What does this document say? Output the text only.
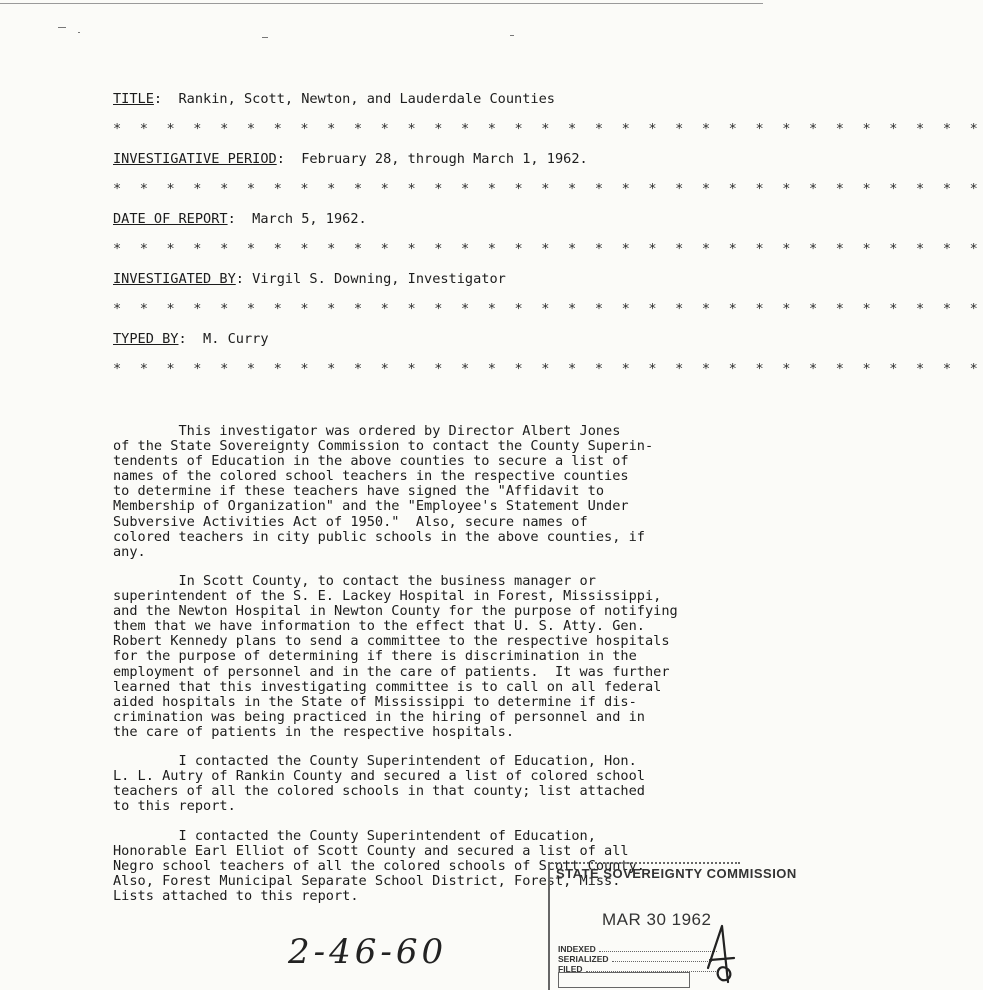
TITLE:  Rankin, Scott, Newton, and Lauderdale Counties
* * * * * * * * * * * * * * * * * * * * * * * * * * * * * * * * *
INVESTIGATIVE PERIOD:  February 28, through March 1, 1962.
* * * * * * * * * * * * * * * * * * * * * * * * * * * * * * * * *
DATE OF REPORT:  March 5, 1962.
* * * * * * * * * * * * * * * * * * * * * * * * * * * * * * * * *
INVESTIGATED BY: Virgil S. Downing, Investigator
* * * * * * * * * * * * * * * * * * * * * * * * * * * * * * * * *
TYPED BY:  M. Curry
* * * * * * * * * * * * * * * * * * * * * * * * * * * * * * * * *

This investigator was ordered by Director Albert Jones
of the State Sovereignty Commission to contact the County Superin-
tendents of Education in the above counties to secure a list of
names of the colored school teachers in the respective counties
to determine if these teachers have signed the "Affidavit to
Membership of Organization" and the "Employee's Statement Under
Subversive Activities Act of 1950."  Also, secure names of
colored teachers in city public schools in the above counties, if
any.

In Scott County, to contact the business manager or
superintendent of the S. E. Lackey Hospital in Forest, Mississippi,
and the Newton Hospital in Newton County for the purpose of notifying
them that we have information to the effect that U. S. Atty. Gen.
Robert Kennedy plans to send a committee to the respective hospitals
for the purpose of determining if there is discrimination in the
employment of personnel and in the care of patients.  It was further
learned that this investigating committee is to call on all federal
aided hospitals in the State of Mississippi to determine if dis-
crimination was being practiced in the hiring of personnel and in
the care of patients in the respective hospitals.

I contacted the County Superintendent of Education, Hon.
L. L. Autry of Rankin County and secured a list of colored school
teachers of all the colored schools in that county; list attached
to this report.

I contacted the County Superintendent of Education,
Honorable Earl Elliot of Scott County and secured a list of all
Negro school teachers of all the colored schools of Scott County.
Also, Forest Municipal Separate School District, Forest, Miss.
Lists attached to this report.

STATE SOVEREIGNTY COMMISSION
MAR 30 1962
INDEXED
SERIALIZED
FILED
2-46-60
